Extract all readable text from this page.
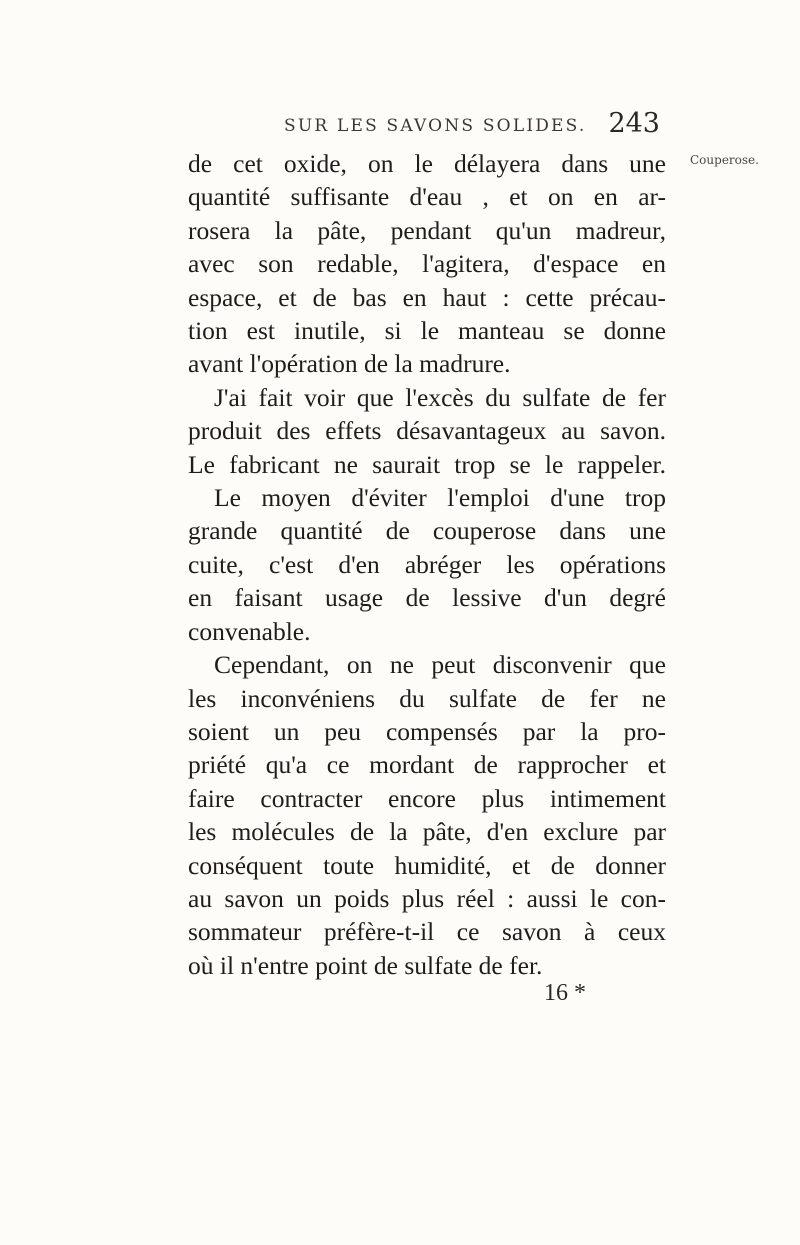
SUR LES SAVONS SOLIDES. 243
Couperose.
de cet oxide, on le délayera dans une
quantité suffisante d'eau , et on en ar-
rosera la pâte, pendant qu'un madreur,
avec son redable, l'agitera, d'espace en
espace, et de bas en haut : cette précau-
tion est inutile, si le manteau se donne
avant l'opération de la madrure.
J'ai fait voir que l'excès du sulfate de fer
produit des effets désavantageux au savon.
Le fabricant ne saurait trop se le rappeler.
Le moyen d'éviter l'emploi d'une trop
grande quantité de couperose dans une
cuite, c'est d'en abréger les opérations
en faisant usage de lessive d'un degré
convenable.
Cependant, on ne peut disconvenir que
les inconvéniens du sulfate de fer ne
soient un peu compensés par la pro-
priété qu'a ce mordant de rapprocher et
faire contracter encore plus intimement
les molécules de la pâte, d'en exclure par
conséquent toute humidité, et de donner
au savon un poids plus réel : aussi le con-
sommateur préfère-t-il ce savon à ceux
où il n'entre point de sulfate de fer.
16 *
